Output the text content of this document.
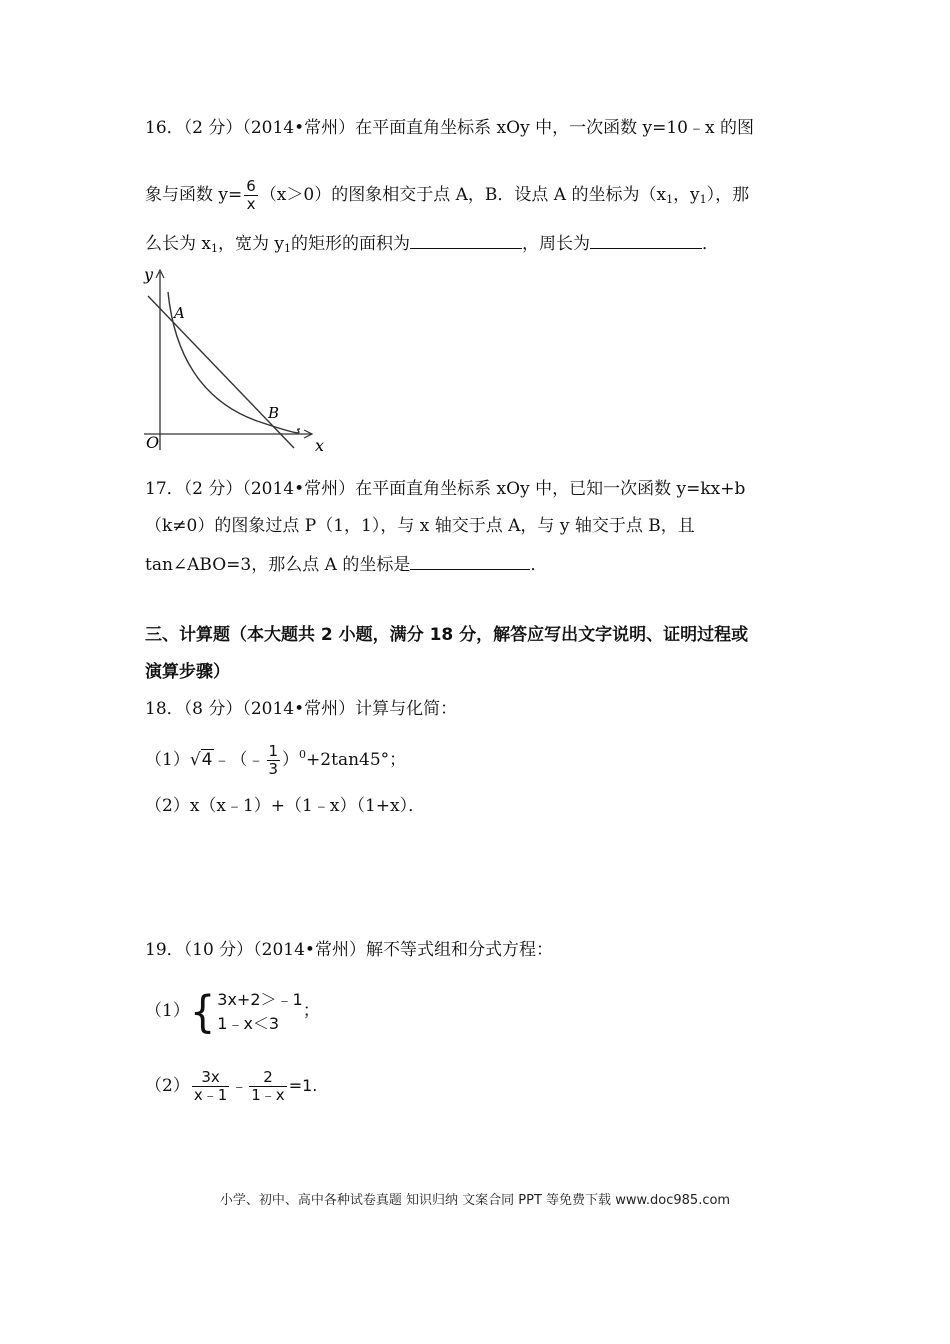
16．（2 分）（2014•常州）在平面直角坐标系 xOy 中，一次函数 y=10﹣x 的图
象与函数 $y= \frac{6}{x} (x>0)$的图象相交于点 A，B．设点 A 的坐标为（$x_1$，$y_1$），那
么长为 $x_1$，宽为 $y_1$的矩形的面积为	，周长为	．
y
x
O
A
B
17．（2 分）（2014•常州）在平面直角坐标系 xOy 中，已知一次函数 y=kx+b
（k≠0）的图象过点 P（1，1），与 x 轴交于点 A，与 y 轴交于点 B，且
tan∠ABO=3，那么点 A 的坐标是	．
三、计算题（本大题共 2 小题，满分 18 分，解答应写出文字说明、证明过程或
演算步骤）
18．（8 分）（2014•常州）计算与化简：
（1）√4﹣（﹣ $\frac{1}{3} )^0+2\tan 45^\circ$；
（2）x（x﹣1）+（1﹣x）（1+x）．
19．（10 分）（2014•常州）解不等式组和分式方程：
（1） { 3x+2＞﹣1
1﹣x＜3
；
$(2) \frac{3x}{x﹣1}$ ﹣ $\frac{2}{1﹣x} =1$.
小学、初中、高中各种试卷真题 知识归纳 文案合同 PPT 等免费下载 www.doc985.com
